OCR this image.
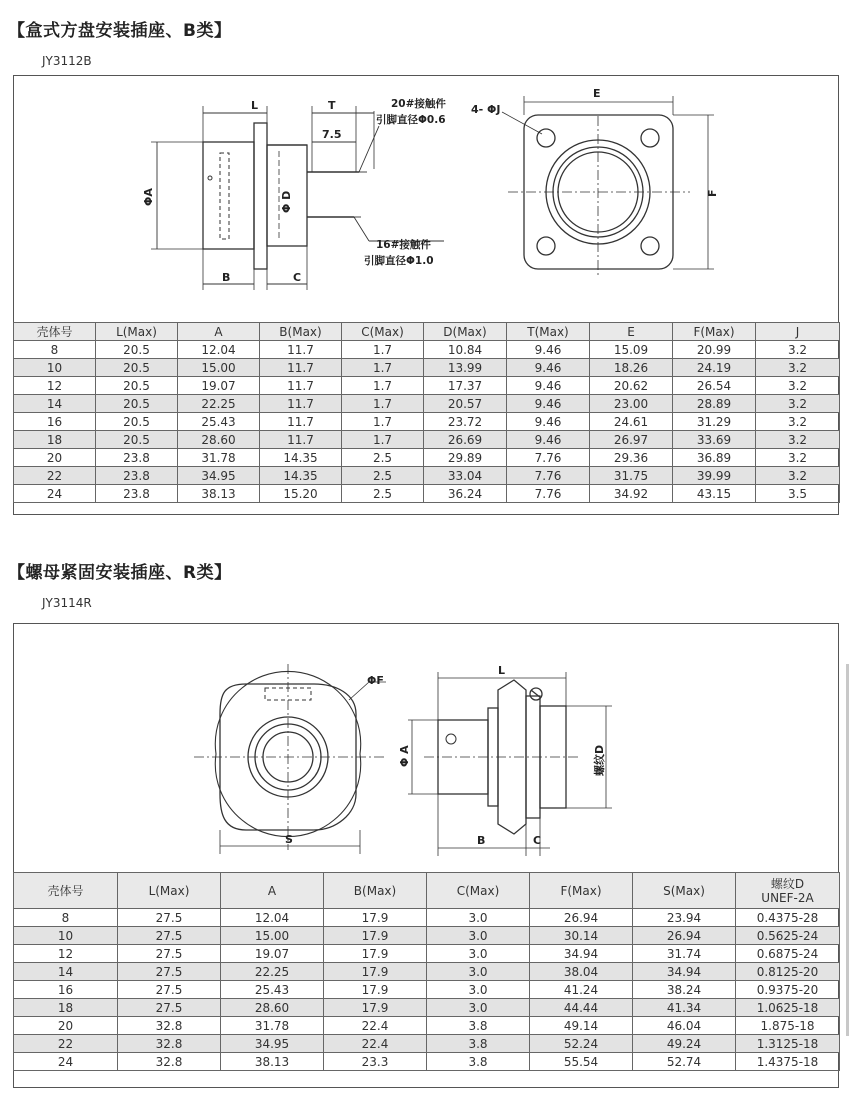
【盒式方盘安装插座、B类】
JY3112B
L	T
7.5
ΦA	Φ D
B	C
E
F
4- ΦJ
20#接触件
引脚直径Φ0.6
16#接触件
引脚直径Φ1.0
壳体号	L(Max)	A	B(Max)	C(Max)	D(Max)	T(Max)	E	F(Max)	J
8	20.5	12.04	11.7	1.7	10.84	9.46	15.09	20.99	3.2
10	20.5	15.00	11.7	1.7	13.99	9.46	18.26	24.19	3.2
12	20.5	19.07	11.7	1.7	17.37	9.46	20.62	26.54	3.2
14	20.5	22.25	11.7	1.7	20.57	9.46	23.00	28.89	3.2
16	20.5	25.43	11.7	1.7	23.72	9.46	24.61	31.29	3.2
18	20.5	28.60	11.7	1.7	26.69	9.46	26.97	33.69	3.2
20	23.8	31.78	14.35	2.5	29.89	7.76	29.36	36.89	3.2
22	23.8	34.95	14.35	2.5	33.04	7.76	31.75	39.99	3.2
24	23.8	38.13	15.20	2.5	36.24	7.76	34.92	43.15	3.5
【螺母紧固安装插座、R类】
JY3114R
ΦF
S
L
Φ A	螺纹D
B	C
壳体号	L(Max)	A	B(Max)	C(Max)	F(Max)	S(Max)	螺纹D
UNEF-2A

8	27.5	12.04	17.9	3.0	26.94	23.94	0.4375-28
10	27.5	15.00	17.9	3.0	30.14	26.94	0.5625-24
12	27.5	19.07	17.9	3.0	34.94	31.74	0.6875-24
14	27.5	22.25	17.9	3.0	38.04	34.94	0.8125-20
16	27.5	25.43	17.9	3.0	41.24	38.24	0.9375-20
18	27.5	28.60	17.9	3.0	44.44	41.34	1.0625-18
20	32.8	31.78	22.4	3.8	49.14	46.04	1.875-18
22	32.8	34.95	22.4	3.8	52.24	49.24	1.3125-18
24	32.8	38.13	23.3	3.8	55.54	52.74	1.4375-18
